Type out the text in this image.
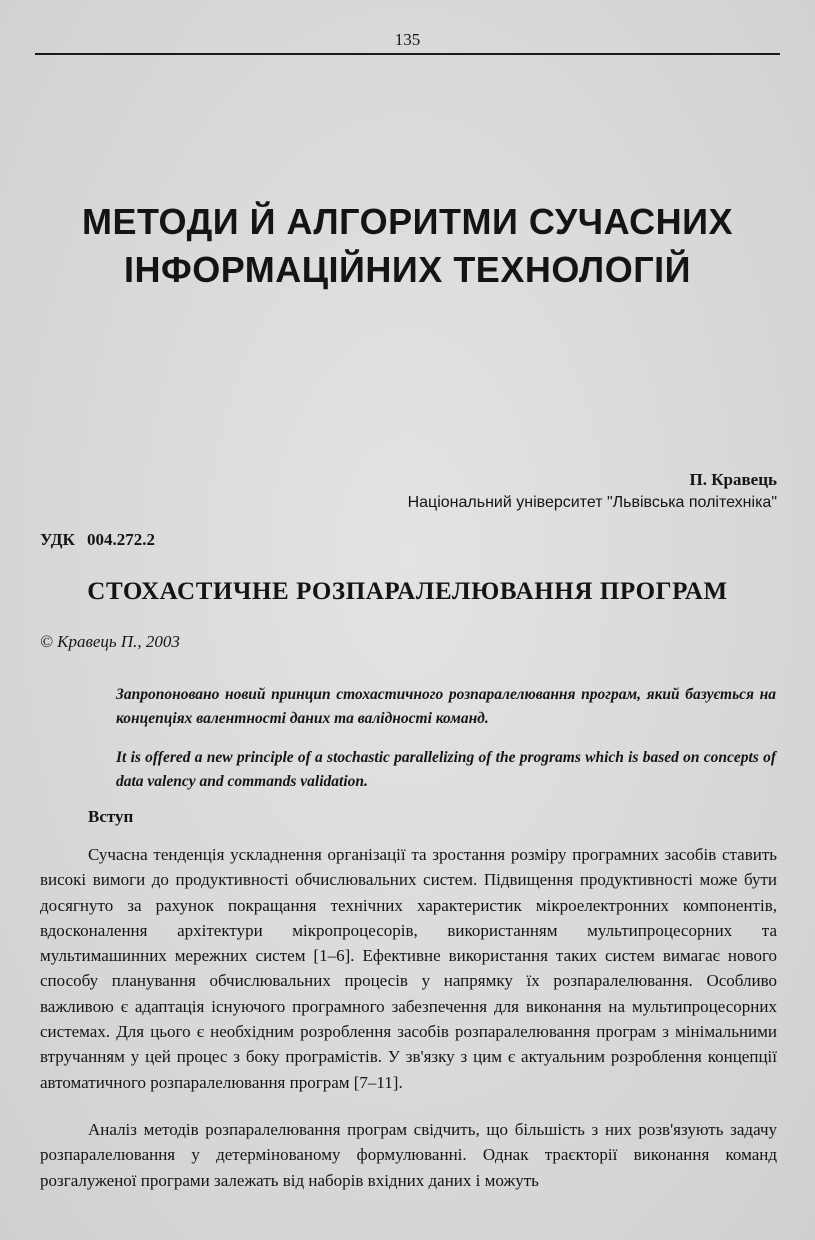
135
МЕТОДИ Й АЛГОРИТМИ СУЧАСНИХ
ІНФОРМАЦІЙНИХ ТЕХНОЛОГІЙ
П. Кравець
Національний університет "Львівська політехніка"
УДК 004.272.2
СТОХАСТИЧНЕ РОЗПАРАЛЕЛЮВАННЯ ПРОГРАМ
© Кравець П., 2003
Запропоновано новий принцип стохастичного розпаралелювання програм, який базується на концепціях валентності даних та валідності команд.
It is offered a new principle of a stochastic parallelizing of the programs which is based on concepts of data valency and commands validation.
Вступ
Сучасна тенденція ускладнення організації та зростання розміру програмних засобів ставить високі вимоги до продуктивності обчислювальних систем. Підвищення продуктивності може бути досягнуто за рахунок покращання технічних характеристик мікроелектронних компонентів, вдосконалення архітектури мікропроцесорів, використанням мультипроцесорних та мультимашинних мережних систем [1–6]. Ефективне використання таких систем вимагає нового способу планування обчислювальних процесів у напрямку їх розпаралелювання. Особливо важливою є адаптація існуючого програмного забезпечення для виконання на мультипроцесорних системах. Для цього є необхідним розроблення засобів розпаралелювання програм з мінімальними втручанням у цей процес з боку програмістів. У зв'язку з цим є актуальним розроблення концепції автоматичного розпаралелювання програм [7–11].
Аналіз методів розпаралелювання програм свідчить, що більшість з них розв'язують задачу розпаралелювання у детермінованому формулюванні. Однак траєкторії виконання команд розгалуженої програми залежать від наборів вхідних даних і можуть
